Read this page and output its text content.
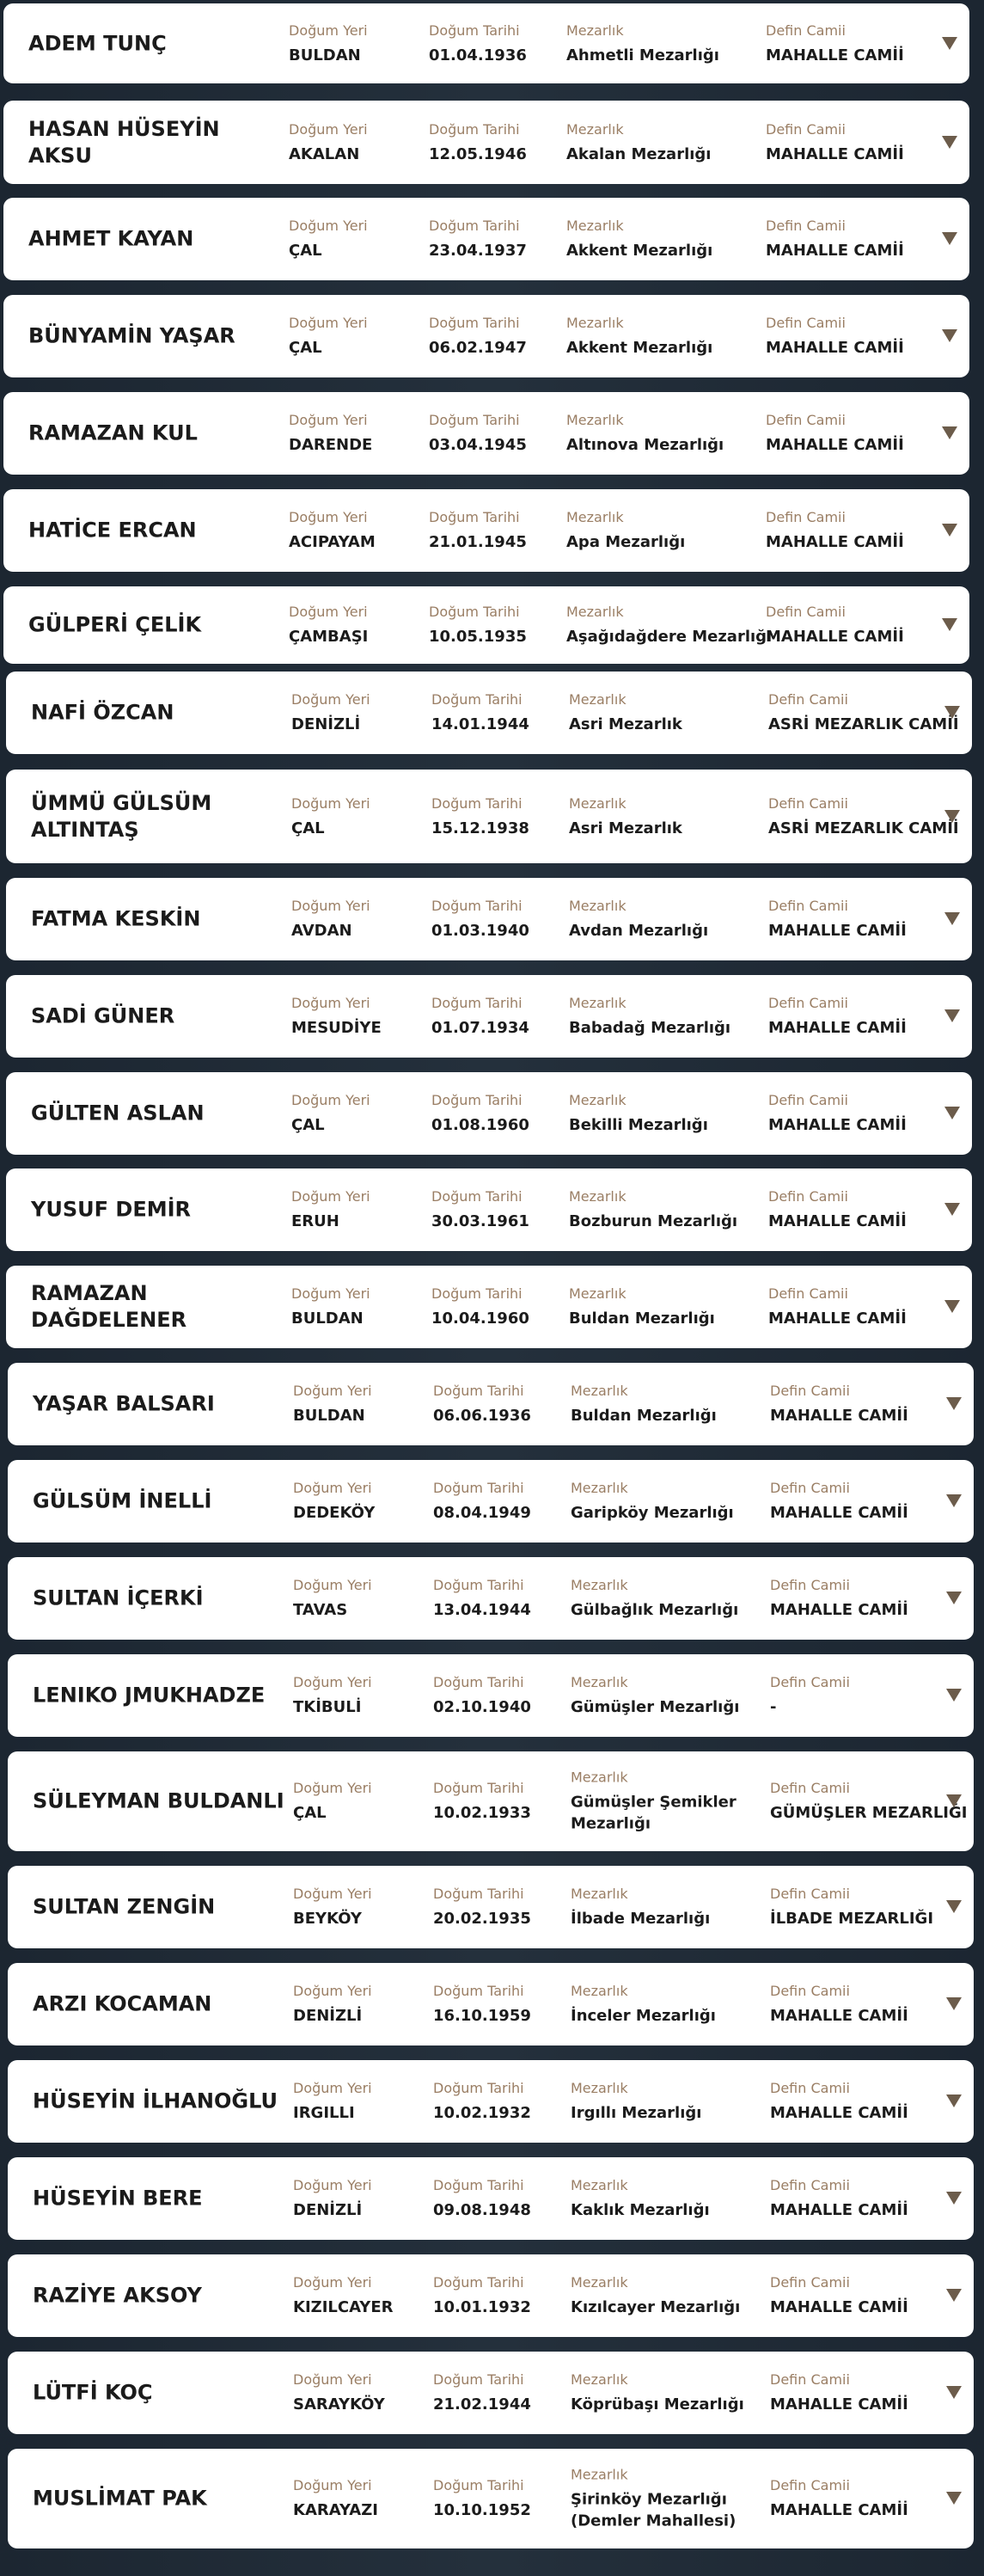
ADEM TUNÇ
Doğum Yeri
BULDAN
Doğum Tarihi
01.04.1936
Mezarlık
Ahmetli Mezarlığı
Defin Camii
MAHALLE CAMİİ
HASAN HÜSEYİN AKSU
Doğum Yeri
AKALAN
Doğum Tarihi
12.05.1946
Mezarlık
Akalan Mezarlığı
Defin Camii
MAHALLE CAMİİ
AHMET KAYAN
Doğum Yeri
ÇAL
Doğum Tarihi
23.04.1937
Mezarlık
Akkent Mezarlığı
Defin Camii
MAHALLE CAMİİ
BÜNYAMİN YAŞAR
Doğum Yeri
ÇAL
Doğum Tarihi
06.02.1947
Mezarlık
Akkent Mezarlığı
Defin Camii
MAHALLE CAMİİ
RAMAZAN KUL
Doğum Yeri
DARENDE
Doğum Tarihi
03.04.1945
Mezarlık
Altınova Mezarlığı
Defin Camii
MAHALLE CAMİİ
HATİCE ERCAN
Doğum Yeri
ACIPAYAM
Doğum Tarihi
21.01.1945
Mezarlık
Apa Mezarlığı
Defin Camii
MAHALLE CAMİİ
GÜLPERİ ÇELİK
Doğum Yeri
ÇAMBAŞI
Doğum Tarihi
10.05.1935
Mezarlık
Aşağıdağdere Mezarlığı
Defin Camii
MAHALLE CAMİİ
NAFİ ÖZCAN
Doğum Yeri
DENİZLİ
Doğum Tarihi
14.01.1944
Mezarlık
Asri Mezarlık
Defin Camii
ASRİ MEZARLIK CAMİİ
ÜMMÜ GÜLSÜM
ALTINTAŞ
Doğum Yeri
ÇAL
Doğum Tarihi
15.12.1938
Mezarlık
Asri Mezarlık
Defin Camii
ASRİ MEZARLIK CAMİİ
FATMA KESKİN
Doğum Yeri
AVDAN
Doğum Tarihi
01.03.1940
Mezarlık
Avdan Mezarlığı
Defin Camii
MAHALLE CAMİİ
SADİ GÜNER
Doğum Yeri
MESUDİYE
Doğum Tarihi
01.07.1934
Mezarlık
Babadağ Mezarlığı
Defin Camii
MAHALLE CAMİİ
GÜLTEN ASLAN
Doğum Yeri
ÇAL
Doğum Tarihi
01.08.1960
Mezarlık
Bekilli Mezarlığı
Defin Camii
MAHALLE CAMİİ
YUSUF DEMİR
Doğum Yeri
ERUH
Doğum Tarihi
30.03.1961
Mezarlık
Bozburun Mezarlığı
Defin Camii
MAHALLE CAMİİ
RAMAZAN DAĞDELENER
Doğum Yeri
BULDAN
Doğum Tarihi
10.04.1960
Mezarlık
Buldan Mezarlığı
Defin Camii
MAHALLE CAMİİ
YAŞAR BALSARI
Doğum Yeri
BULDAN
Doğum Tarihi
06.06.1936
Mezarlık
Buldan Mezarlığı
Defin Camii
MAHALLE CAMİİ
GÜLSÜM İNELLİ
Doğum Yeri
DEDEKÖY
Doğum Tarihi
08.04.1949
Mezarlık
Garipköy Mezarlığı
Defin Camii
MAHALLE CAMİİ
SULTAN İÇERKİ
Doğum Yeri
TAVAS
Doğum Tarihi
13.04.1944
Mezarlık
Gülbağlık Mezarlığı
Defin Camii
MAHALLE CAMİİ
LENIKO JMUKHADZE
Doğum Yeri
TKİBULİ
Doğum Tarihi
02.10.1940
Mezarlık
Gümüşler Mezarlığı
Defin Camii
-
SÜLEYMAN BULDANLI
Doğum Yeri
ÇAL
Doğum Tarihi
10.02.1933
Mezarlık
Gümüşler Şemikler
Mezarlığı
Defin Camii
GÜMÜŞLER MEZARLIĞI
SULTAN ZENGİN
Doğum Yeri
BEYKÖY
Doğum Tarihi
20.02.1935
Mezarlık
İlbade Mezarlığı
Defin Camii
İLBADE MEZARLIĞI
ARZI KOCAMAN
Doğum Yeri
DENİZLİ
Doğum Tarihi
16.10.1959
Mezarlık
İnceler Mezarlığı
Defin Camii
MAHALLE CAMİİ
HÜSEYİN İLHANOĞLU
Doğum Yeri
IRGILLI
Doğum Tarihi
10.02.1932
Mezarlık
Irgıllı Mezarlığı
Defin Camii
MAHALLE CAMİİ
HÜSEYİN BERE
Doğum Yeri
DENİZLİ
Doğum Tarihi
09.08.1948
Mezarlık
Kaklık Mezarlığı
Defin Camii
MAHALLE CAMİİ
RAZİYE AKSOY
Doğum Yeri
KIZILCAYER
Doğum Tarihi
10.01.1932
Mezarlık
Kızılcayer Mezarlığı
Defin Camii
MAHALLE CAMİİ
LÜTFİ KOÇ
Doğum Yeri
SARAYKÖY
Doğum Tarihi
21.02.1944
Mezarlık
Köprübaşı Mezarlığı
Defin Camii
MAHALLE CAMİİ
MUSLİMAT PAK
Doğum Yeri
KARAYAZI
Doğum Tarihi
10.10.1952
Mezarlık
Şirinköy Mezarlığı
(Demler Mahallesi)
Defin Camii
MAHALLE CAMİİ
